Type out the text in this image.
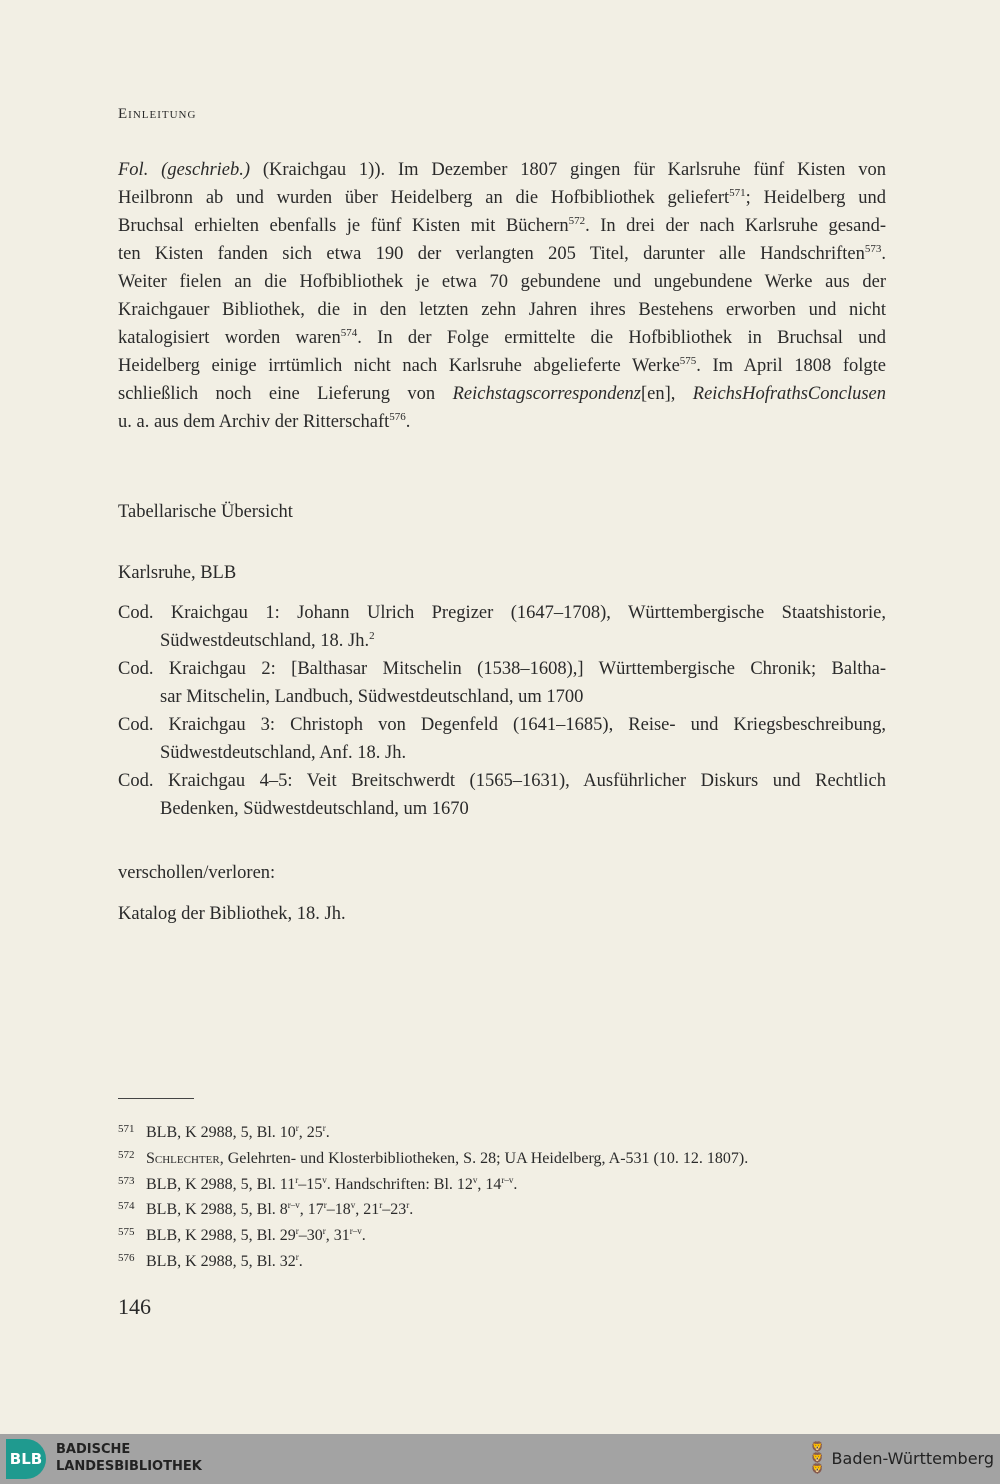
Einleitung
Fol. (geschrieb.) (Kraichgau 1)). Im Dezember 1807 gingen für Karlsruhe fünf Kisten von
Heilbronn ab und wurden über Heidelberg an die Hofbibliothek geliefert$^{571}$; Heidelberg und
Bruchsal erhielten ebenfalls je fünf Kisten mit Büchern$^{572}$. In drei der nach Karlsruhe gesand-
ten Kisten fanden sich etwa 190 der verlangten 205 Titel, darunter alle Handschriften$^{573}$.
Weiter fielen an die Hofbibliothek je etwa 70 gebundene und ungebundene Werke aus der
Kraichgauer Bibliothek, die in den letzten zehn Jahren ihres Bestehens erworben und nicht
katalogisiert worden waren$^{574}$. In der Folge ermittelte die Hofbibliothek in Bruchsal und
Heidelberg einige irrtümlich nicht nach Karlsruhe abgelieferte Werke$^{575}$. Im April 1808 folgte
schließlich noch eine Lieferung von Reichstagscorrespondenz[en], ReichsHofrathsConclusen
u. a. aus dem Archiv der Ritterschaft$^{576}$.
Tabellarische Übersicht
Karlsruhe, BLB
Cod. Kraichgau 1: Johann Ulrich Pregizer (1647–1708), Württembergische Staatshistorie,
Südwestdeutschland, 18. Jh.$^2$
Cod. Kraichgau 2: [Balthasar Mitschelin (1538–1608),] Württembergische Chronik; Baltha-
sar Mitschelin, Landbuch, Südwestdeutschland, um 1700
Cod. Kraichgau 3: Christoph von Degenfeld (1641–1685), Reise- und Kriegsbeschreibung,
Südwestdeutschland, Anf. 18. Jh.
Cod. Kraichgau 4–5: Veit Breitschwerdt (1565–1631), Ausführlicher Diskurs und Rechtlich
Bedenken, Südwestdeutschland, um 1670
verschollen/verloren:
Katalog der Bibliothek, 18. Jh.
571 BLB, K 2988, 5, Bl. 10$^r$, 25$^r$.
572 Schlechter, Gelehrten- und Klosterbibliotheken, S. 28; UA Heidelberg, A-531 (10. 12. 1807).
573 BLB, K 2988, 5, Bl. 11$^r$–15$^v$. Handschriften: Bl. 12$^v$, 14$^{r-v}$.
574 BLB, K 2988, 5, Bl. 8$^{r-v}$, 17$^r$–18$^v$, 21$^r$–23$^r$.
575 BLB, K 2988, 5, Bl. 29$^r$–30$^r$, 31$^{r-v}$.
576 BLB, K 2988, 5, Bl. 32$^r$.
146
BLB
BADISCHE
LANDESBIBLIOTHEK
🦁
🦁
🦁
Baden-Württemberg
